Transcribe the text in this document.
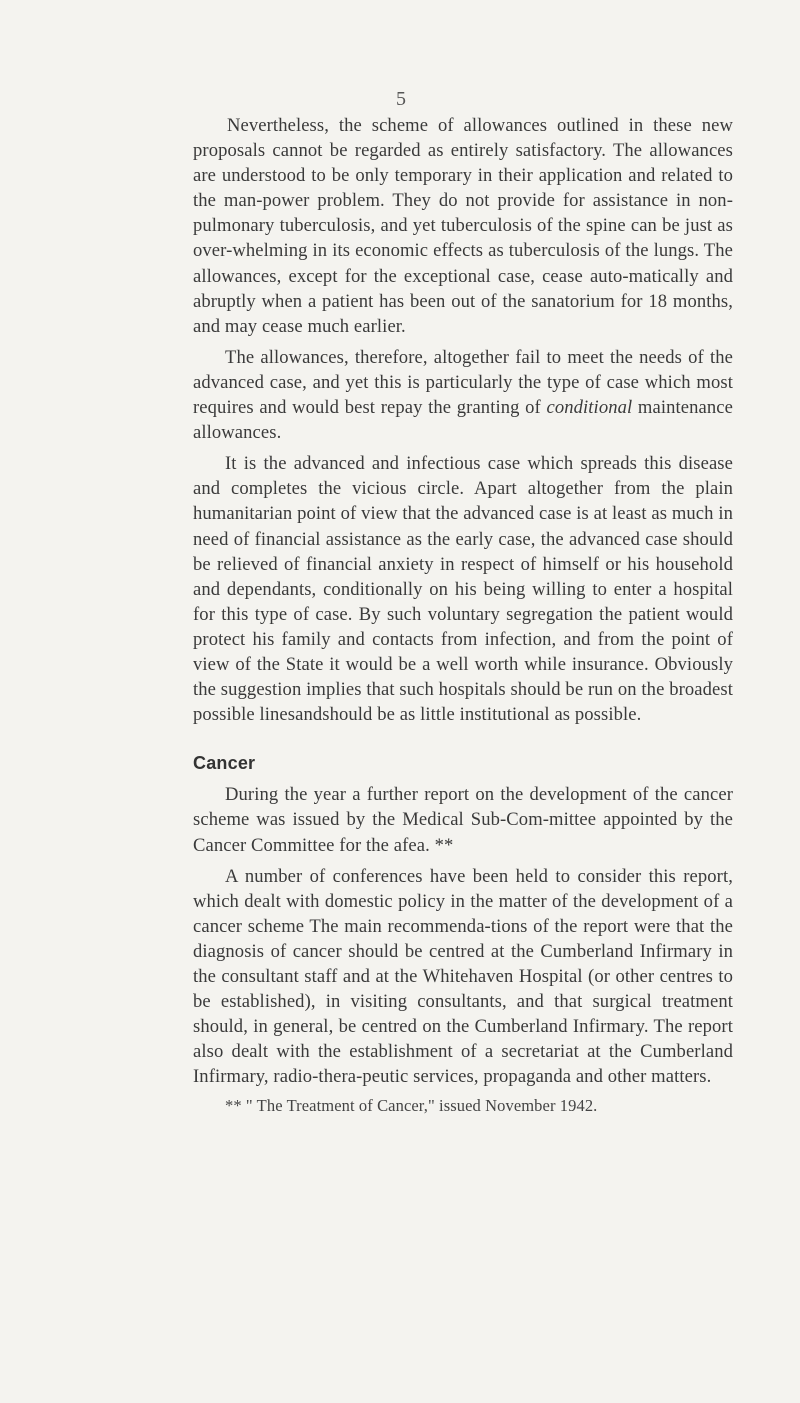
5

Nevertheless, the scheme of allowances outlined in these new proposals cannot be regarded as entirely satisfactory. The allowances are understood to be only temporary in their application and related to the man-power problem. They do not provide for assistance in non-pulmonary tuberculosis, and yet tuberculosis of the spine can be just as over-whelming in its economic effects as tuberculosis of the lungs. The allowances, except for the exceptional case, cease auto-matically and abruptly when a patient has been out of the sanatorium for 18 months, and may cease much earlier.

The allowances, therefore, altogether fail to meet the needs of the advanced case, and yet this is particularly the type of case which most requires and would best repay the granting of conditional maintenance allowances.

It is the advanced and infectious case which spreads this disease and completes the vicious circle. Apart altogether from the plain humanitarian point of view that the advanced case is at least as much in need of financial assistance as the early case, the advanced case should be relieved of financial anxiety in respect of himself or his household and dependants, conditionally on his being willing to enter a hospital for this type of case. By such voluntary segregation the patient would protect his family and contacts from infection, and from the point of view of the State it would be a well worth while insurance. Obviously the suggestion implies that such hospitals should be run on the broadest possible linesandshould be as little institutional as possible.

Cancer

During the year a further report on the development of the cancer scheme was issued by the Medical Sub-Com-mittee appointed by the Cancer Committee for the afea. **

A number of conferences have been held to consider this report, which dealt with domestic policy in the matter of the development of a cancer scheme The main recommenda-tions of the report were that the diagnosis of cancer should be centred at the Cumberland Infirmary in the consultant staff and at the Whitehaven Hospital (or other centres to be established), in visiting consultants, and that surgical treatment should, in general, be centred on the Cumberland Infirmary. The report also dealt with the establishment of a secretariat at the Cumberland Infirmary, radio-thera-peutic services, propaganda and other matters.

** " The Treatment of Cancer," issued November 1942.
